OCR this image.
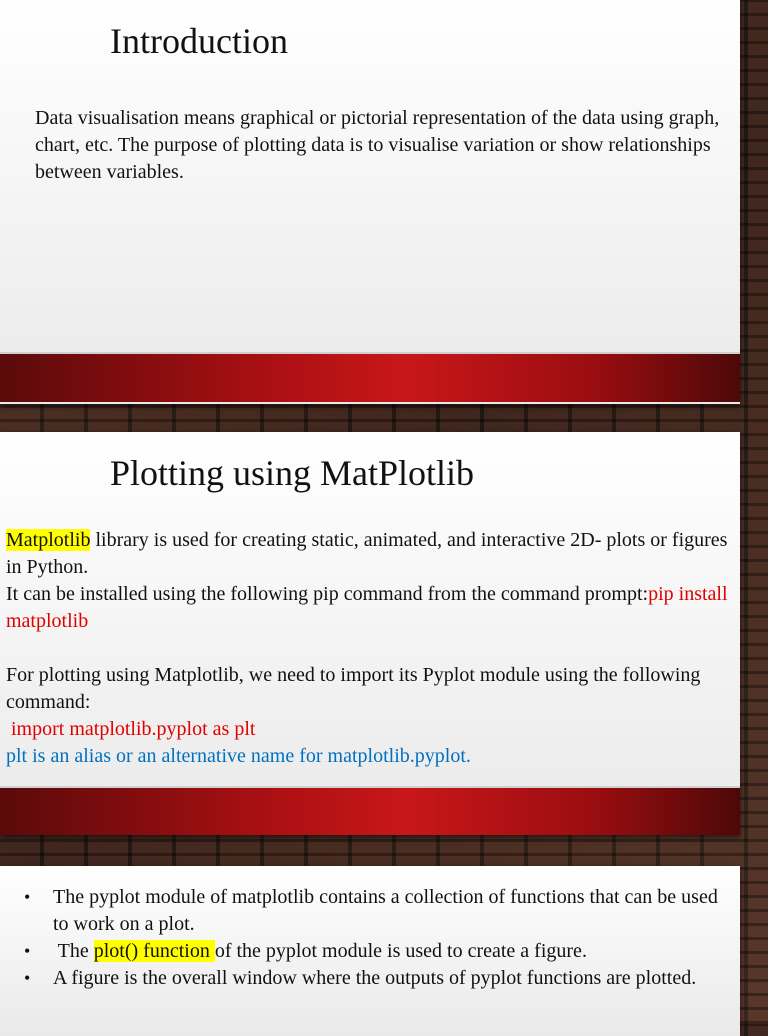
Introduction
Data visualisation means graphical or pictorial representation of the data using graph, chart, etc. The purpose of plotting data is to visualise variation or show relationships between variables.
Plotting using MatPlotlib
Matplotlib library is used for creating static, animated, and interactive 2D- plots or figures in Python.
It can be installed using the following pip command from the command prompt:pip install matplotlib
For plotting using Matplotlib, we need to import its Pyplot module using the following command:
import matplotlib.pyplot as plt
plt is an alias or an alternative name for matplotlib.pyplot.
• The pyplot module of matplotlib contains a collection of functions that can be used to work on a plot.
• The plot() function of the pyplot module is used to create a figure.
• A figure is the overall window where the outputs of pyplot functions are plotted.
